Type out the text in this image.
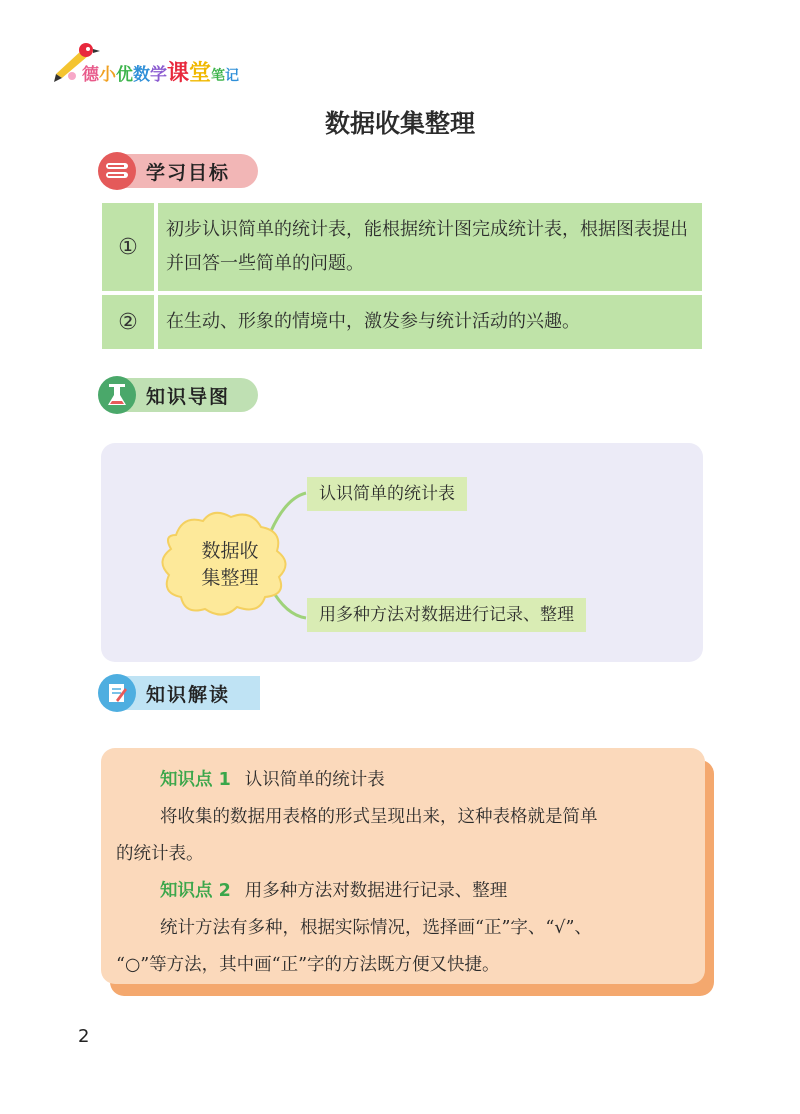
德小优数学课堂笔记
数据收集整理
学习目标
①
初步认识简单的统计表，能根据统计图完成统计表，根据图表提出并回答一些简单的问题。
②	在生动、形象的情境中，激发参与统计活动的兴趣。
知识导图
数据收
集整理
认识简单的统计表
用多种方法对数据进行记录、整理
知识解读
知识点 1 认识简单的统计表
将收集的数据用表格的形式呈现出来，这种表格就是简单
的统计表。
知识点 2 用多种方法对数据进行记录、整理
统计方法有多种，根据实际情况，选择画“正”字、“√”、
“○”等方法，其中画“正”字的方法既方便又快捷。
2
